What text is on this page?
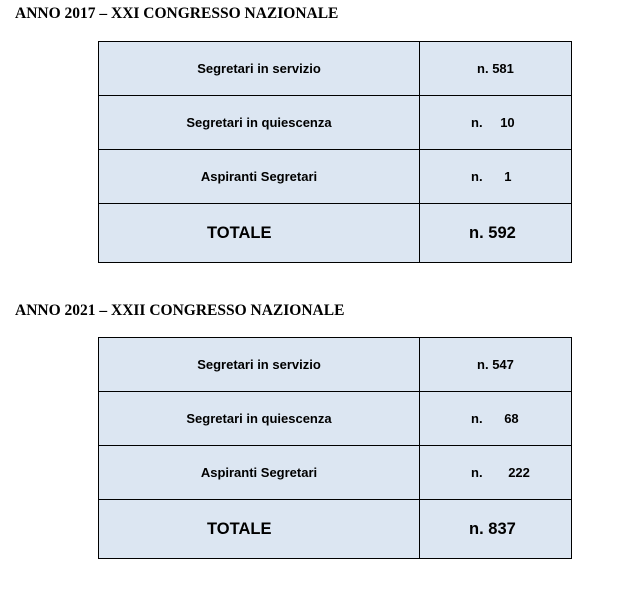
ANNO 2017 – XXI CONGRESSO NAZIONALE
Segretari in servizio	n. 581
Segretari in quiescenza	n. 10
Aspiranti Segretari	n. 1
TOTALE	n. 592
ANNO 2021 – XXII CONGRESSO NAZIONALE
Segretari in servizio	n. 547
Segretari in quiescenza	n. 68
Aspiranti Segretari	n. 222
TOTALE	n. 837
